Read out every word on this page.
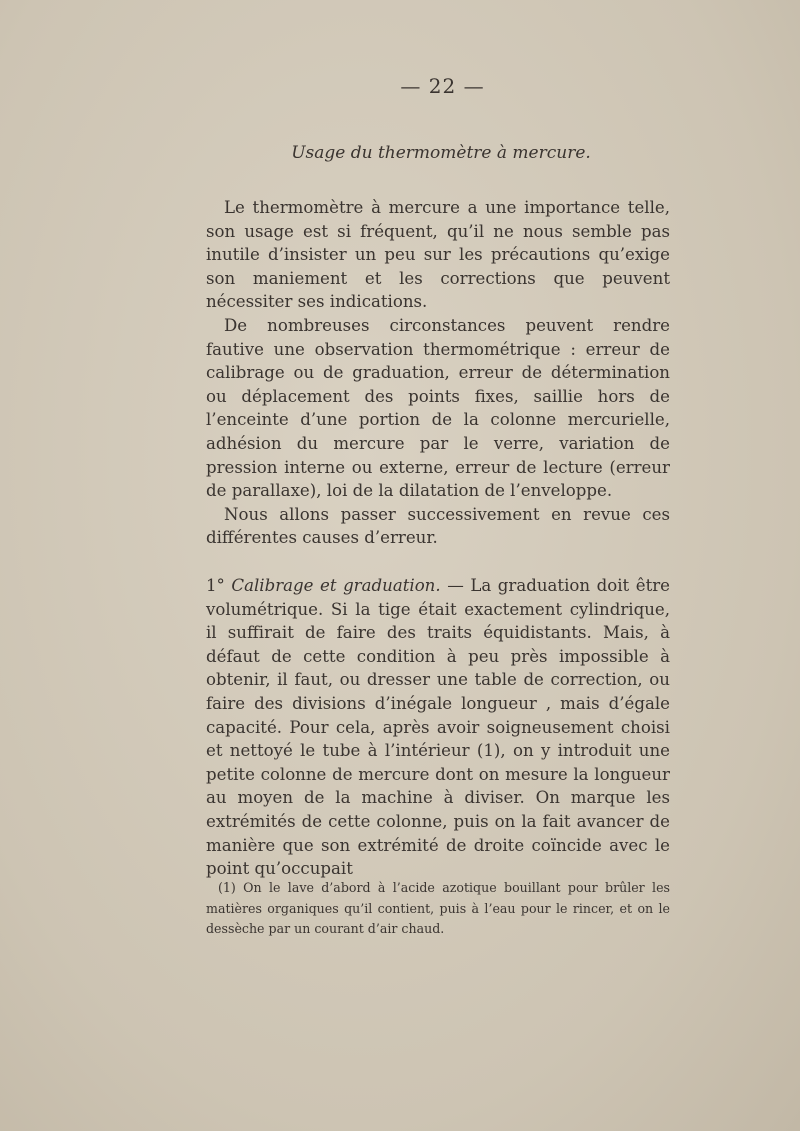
— 22 —
Usage du thermomètre à mercure.

Le thermomètre à mercure a une importance telle, son usage est si fréquent, qu’il ne nous semble pas inutile d’insister un peu sur les précautions qu’exige son maniement et les corrections que peuvent nécessiter ses indications.

De nombreuses circonstances peuvent rendre fautive une observation thermométrique : erreur de calibrage ou de graduation, erreur de détermination ou déplacement des points fixes, saillie hors de l’enceinte d’une portion de la colonne mercurielle, adhésion du mercure par le verre, variation de pression interne ou externe, erreur de lecture (erreur de parallaxe), loi de la dilatation de l’enveloppe.

Nous allons passer successivement en revue ces différentes causes d’erreur.

1° Calibrage et graduation. — La graduation doit être volumétrique. Si la tige était exactement cylindrique, il suffirait de faire des traits équidistants. Mais, à défaut de cette condition à peu près impossible à obtenir, il faut, ou dresser une table de correction, ou faire des divisions d’inégale longueur , mais d’égale capacité. Pour cela, après avoir soigneusement choisi et nettoyé le tube à l’intérieur (1), on y introduit une petite colonne de mercure dont on mesure la longueur au moyen de la machine à diviser. On marque les extrémités de cette colonne, puis on la fait avancer de manière que son extrémité de droite coïncide avec le point qu’occupait

(1) On le lave d’abord à l’acide azotique bouillant pour brûler les matières organiques qu’il contient, puis à l’eau pour le rincer, et on le dessèche par un courant d’air chaud.
